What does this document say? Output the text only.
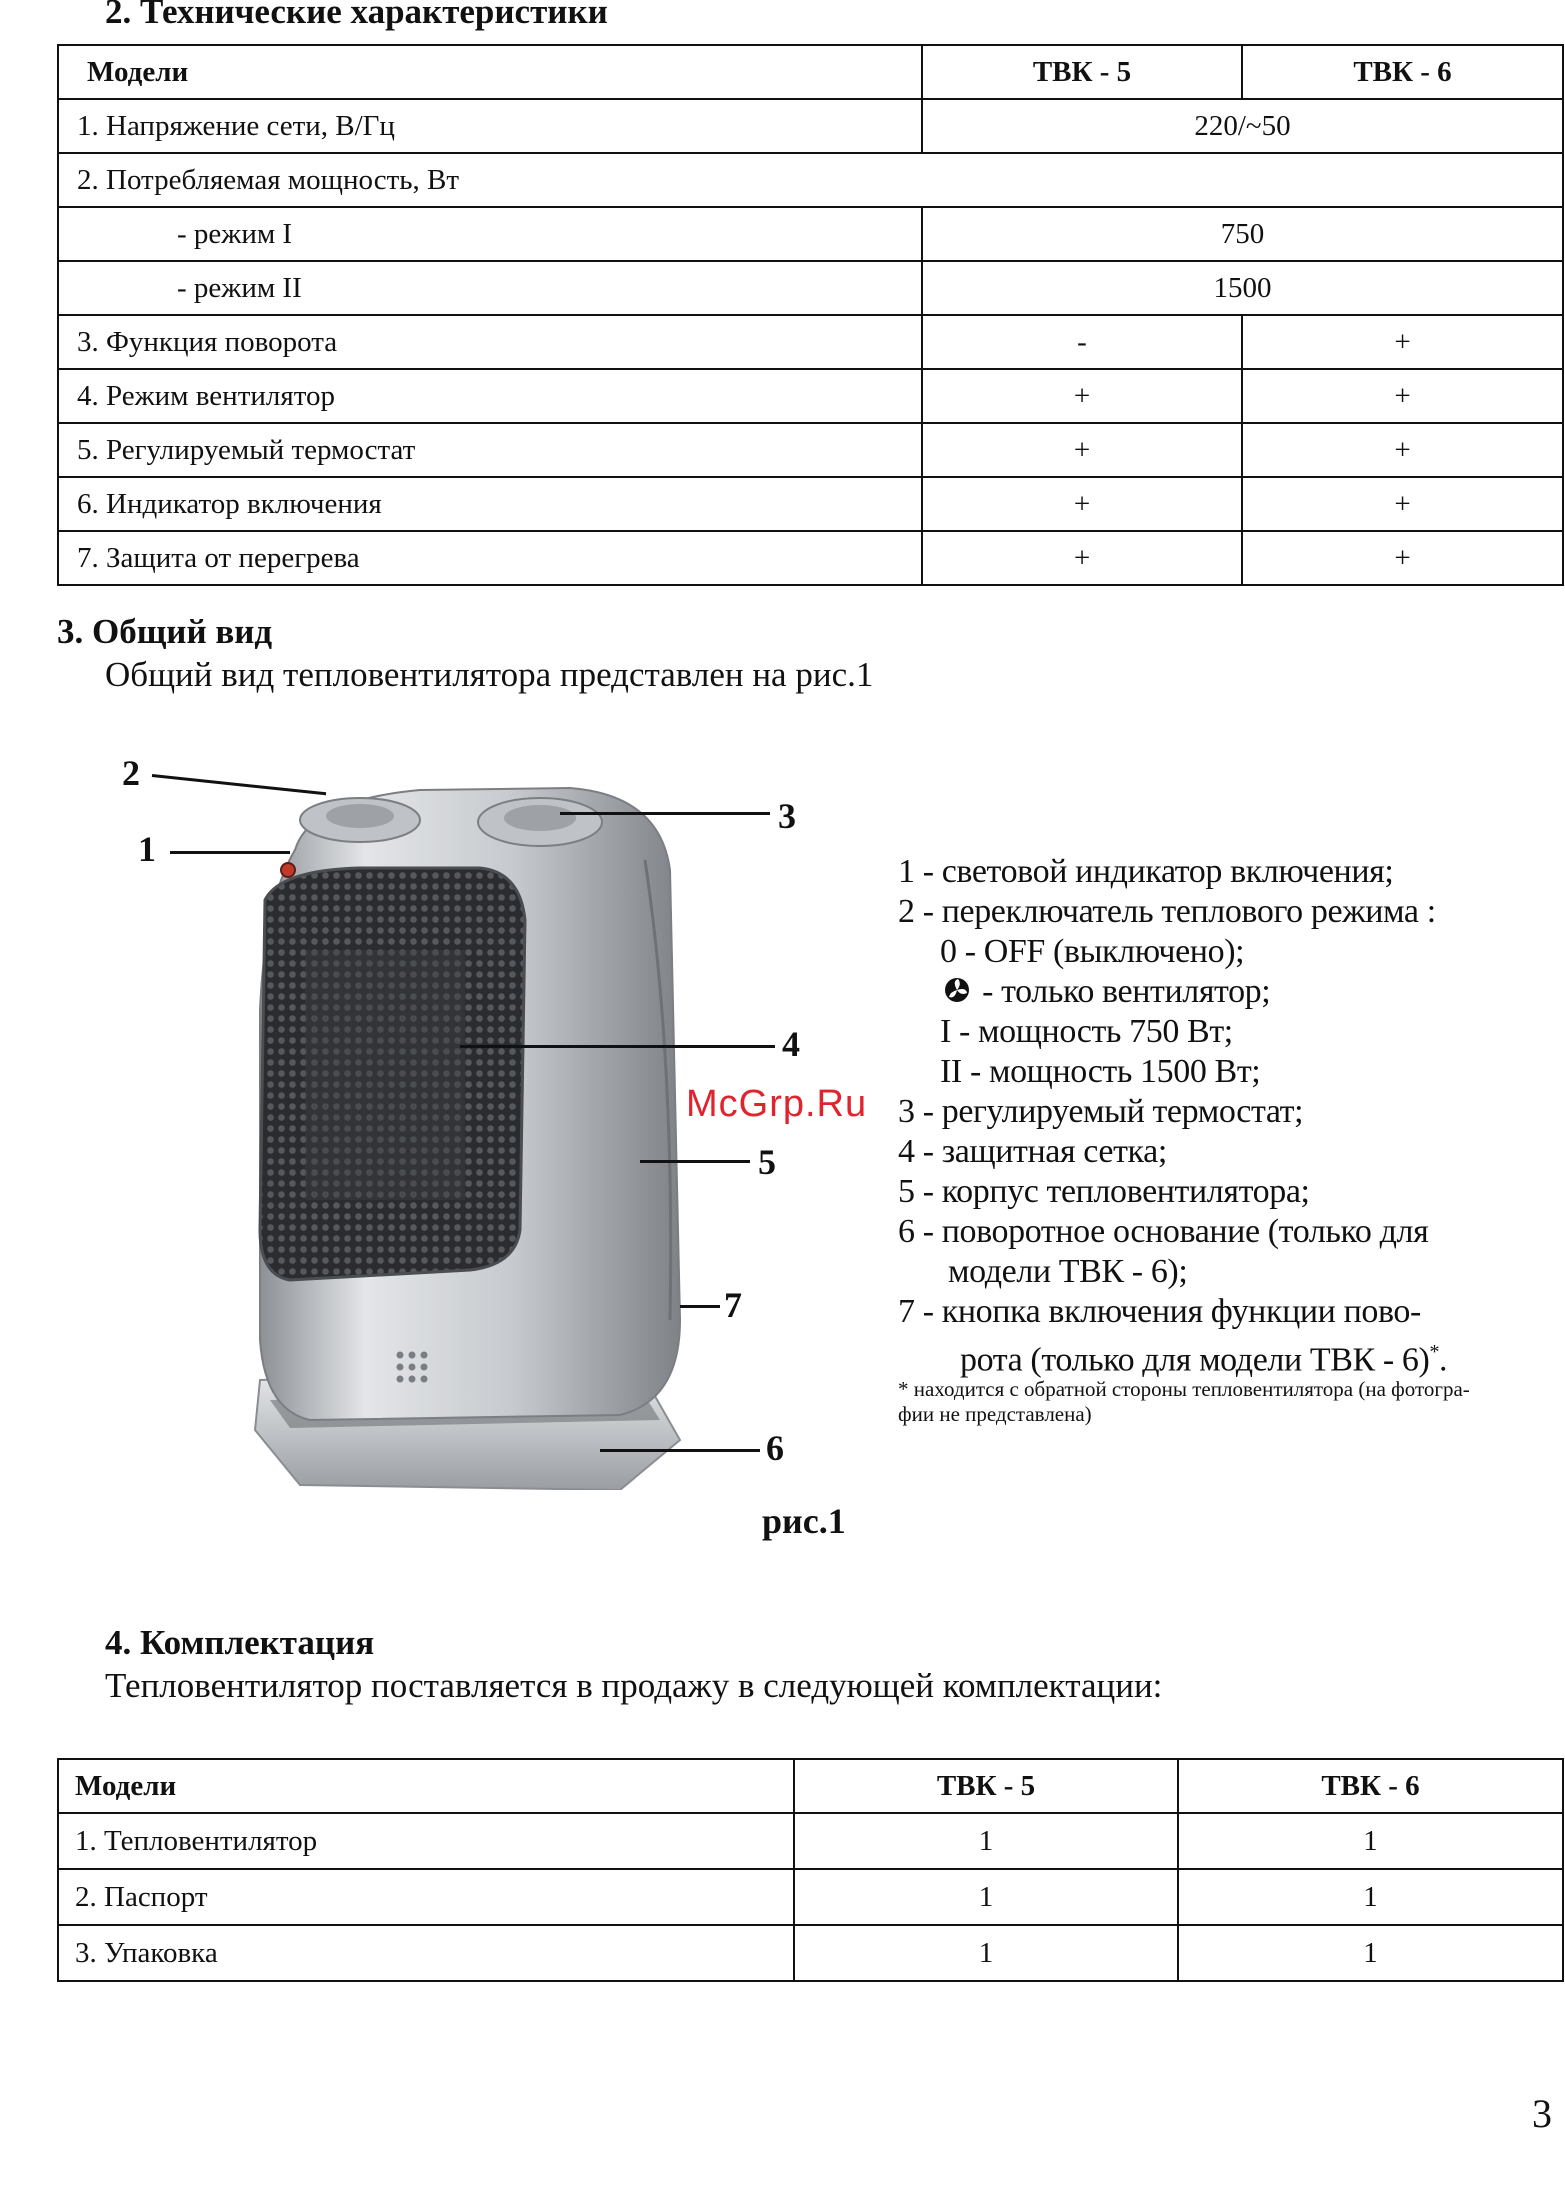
2. Технические характеристики
Модели	ТВК - 5	ТВК - 6
1. Напряжение сети, В/Гц	220/~50	
2. Потребляемая мощность, Вт		
- режим I	750	
- режим II	1500	
3. Функция поворота	-	+
4. Режим вентилятор	+	+
5. Регулируемый термостат	+	+
6. Индикатор включения	+	+
7. Защита от перегрева	+	+
3. Общий вид
Общий вид тепловентилятора представлен на рис.1
2
1
3
4
5
7
6
рис.1
McGrp.Ru
1 - световой индикатор включения;
2 - переключатель теплового режима :
0 - OFF (выключено);
- только вентилятор;
I - мощность 750 Вт;
II - мощность 1500 Вт;
3 - регулируемый термостат;
4 - защитная сетка;
5 - корпус тепловентилятора;
6 - поворотное основание (только для
модели ТВК - 6);
7 - кнопка включения функции пово-
рота (только для модели ТВК - 6)*.
* находится с обратной стороны тепловентилятора (на фотогра-
фии не представлена)
4. Комплектация
Тепловентилятор поставляется в продажу в следующей комплектации:
Модели	ТВК - 5	ТВК - 6
1. Тепловентилятор	1	1
2. Паспорт	1	1
3. Упаковка	1	1
3
